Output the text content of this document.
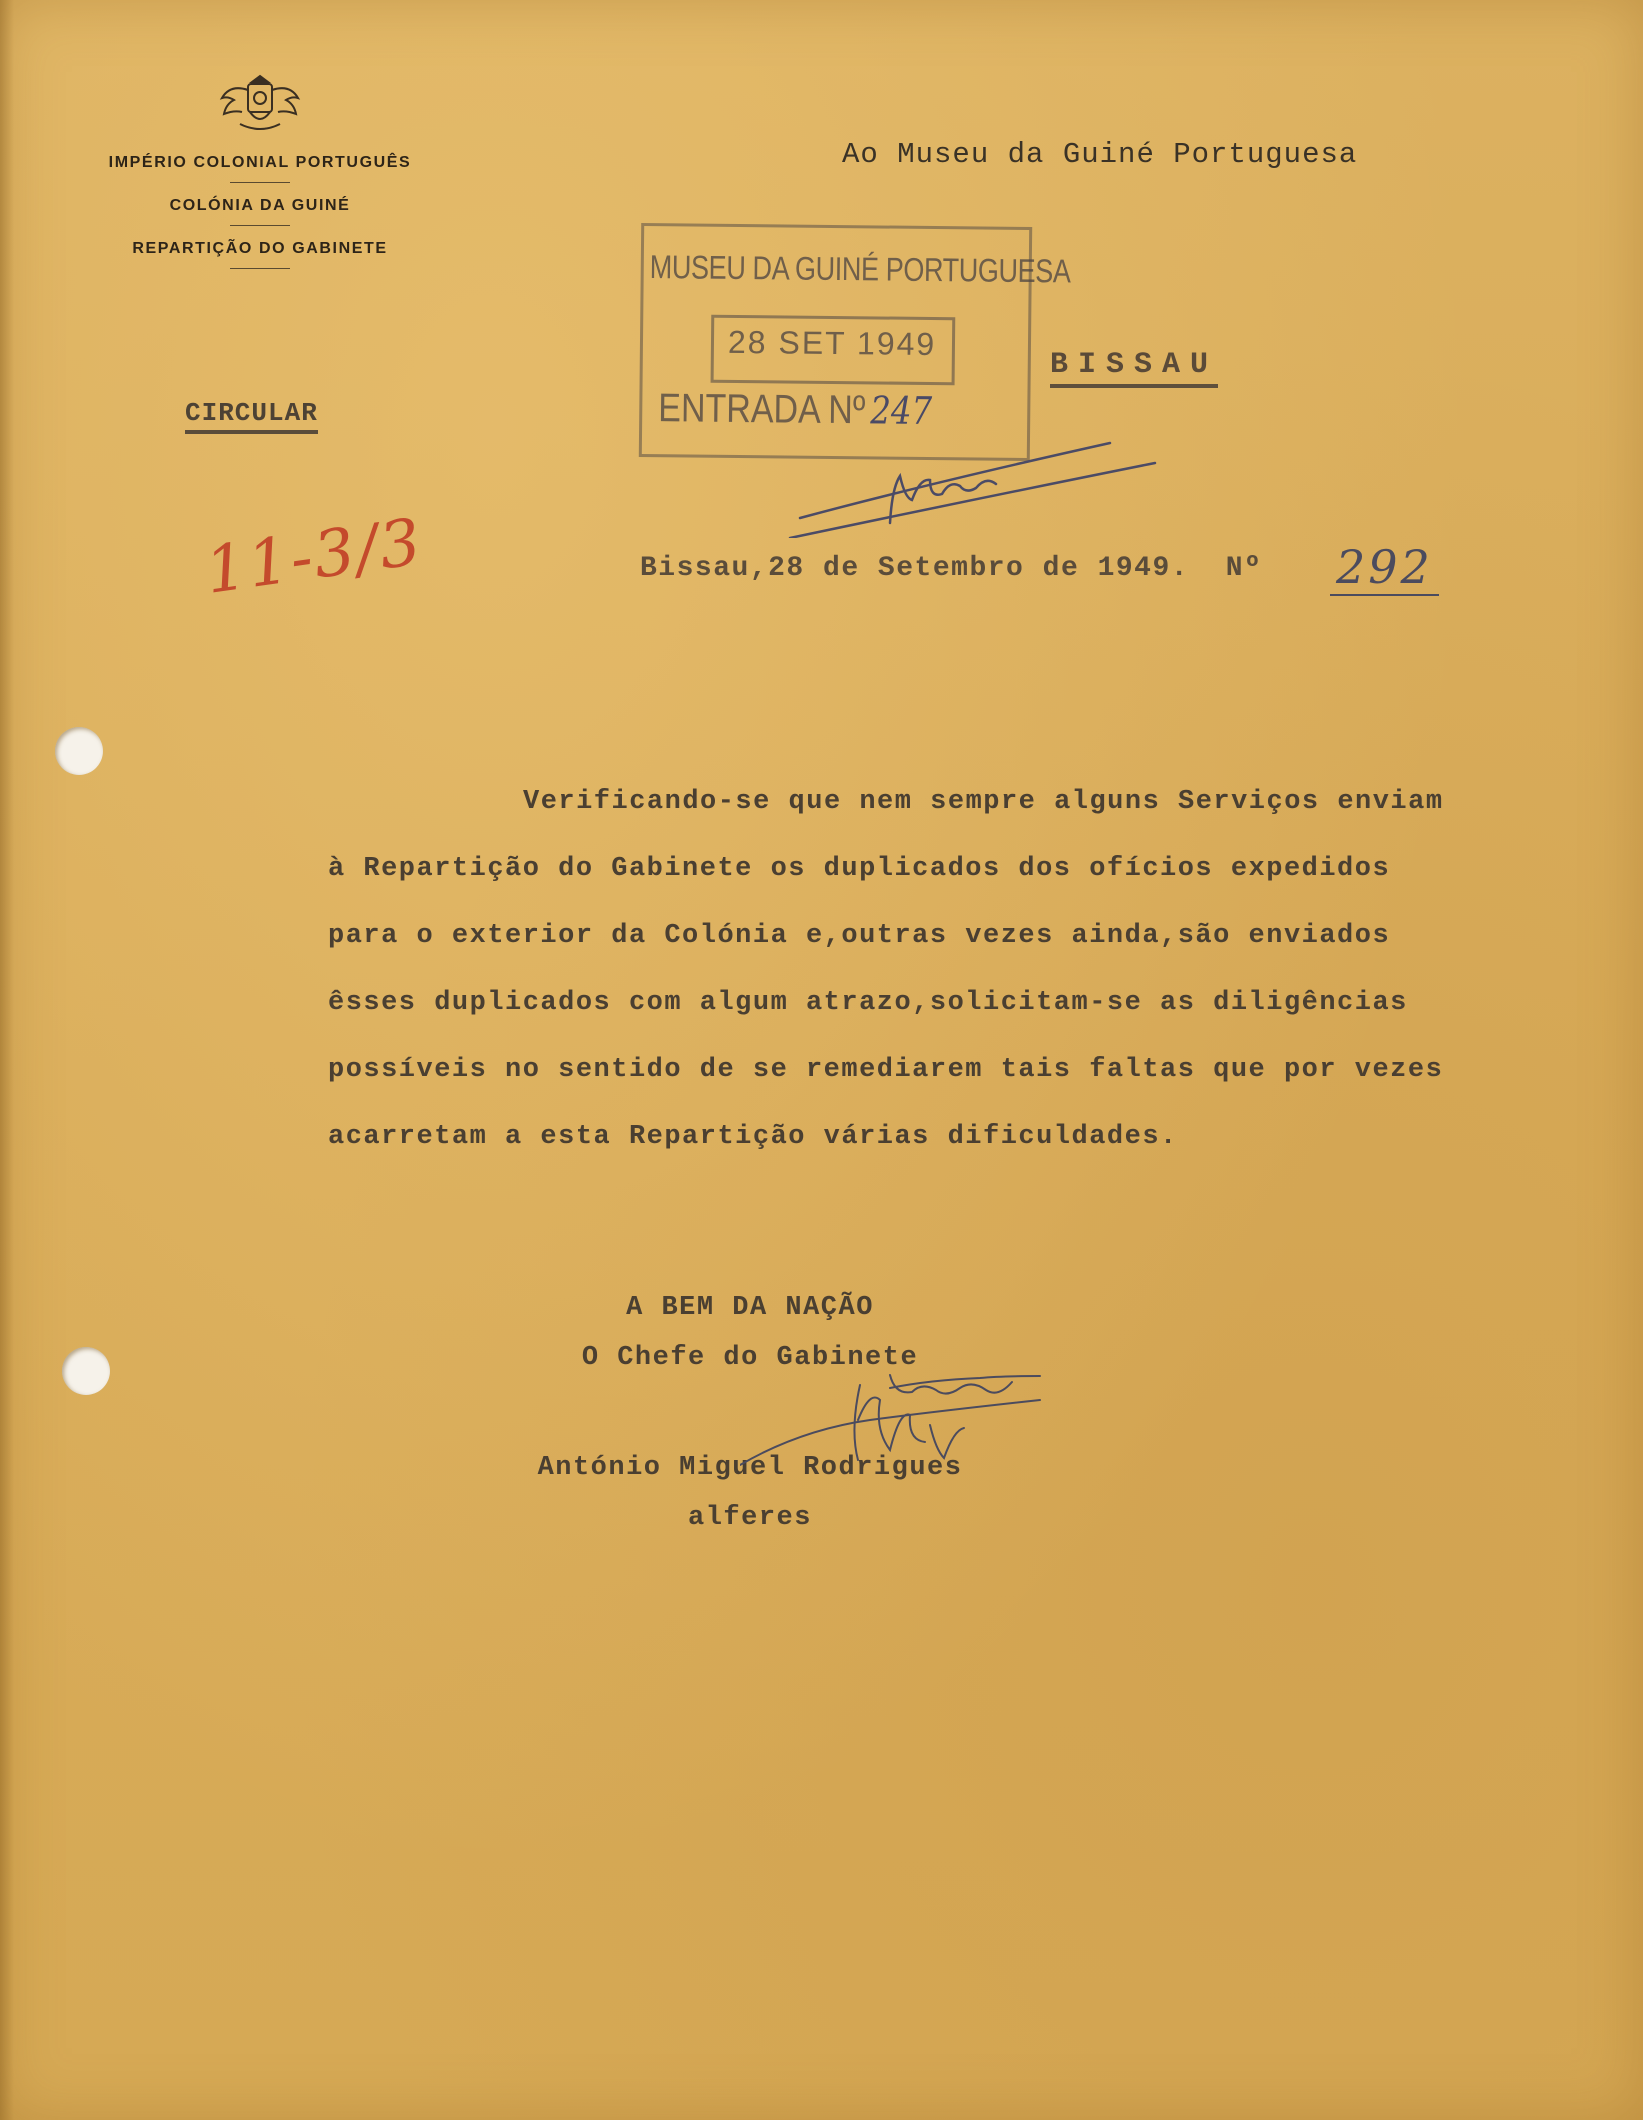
IMPÉRIO COLONIAL PORTUGUÊS
COLÓNIA DA GUINÉ
REPARTIÇÃO DO GABINETE
Ao Museu da Guiné Portuguesa
CIRCULAR
BISSAU
MUSEU DA GUINÉ PORTUGUESA
28 SET 1949
ENTRADA Nº 247
11-3/3	Bissau,28 de Setembro de 1949. Nº 292
Verificando-se que nem sempre alguns Serviços enviam
à Repartição do Gabinete os duplicados dos ofícios expedidos
para o exterior da Colónia e,outras vezes ainda,são enviados
êsses duplicados com algum atrazo,solicitam-se as diligências
possíveis no sentido de se remediarem tais faltas que por vezes
acarretam a esta Repartição várias dificuldades.
A BEM DA NAÇÃO
O Chefe do Gabinete
António Miguel Rodrigues
alferes
